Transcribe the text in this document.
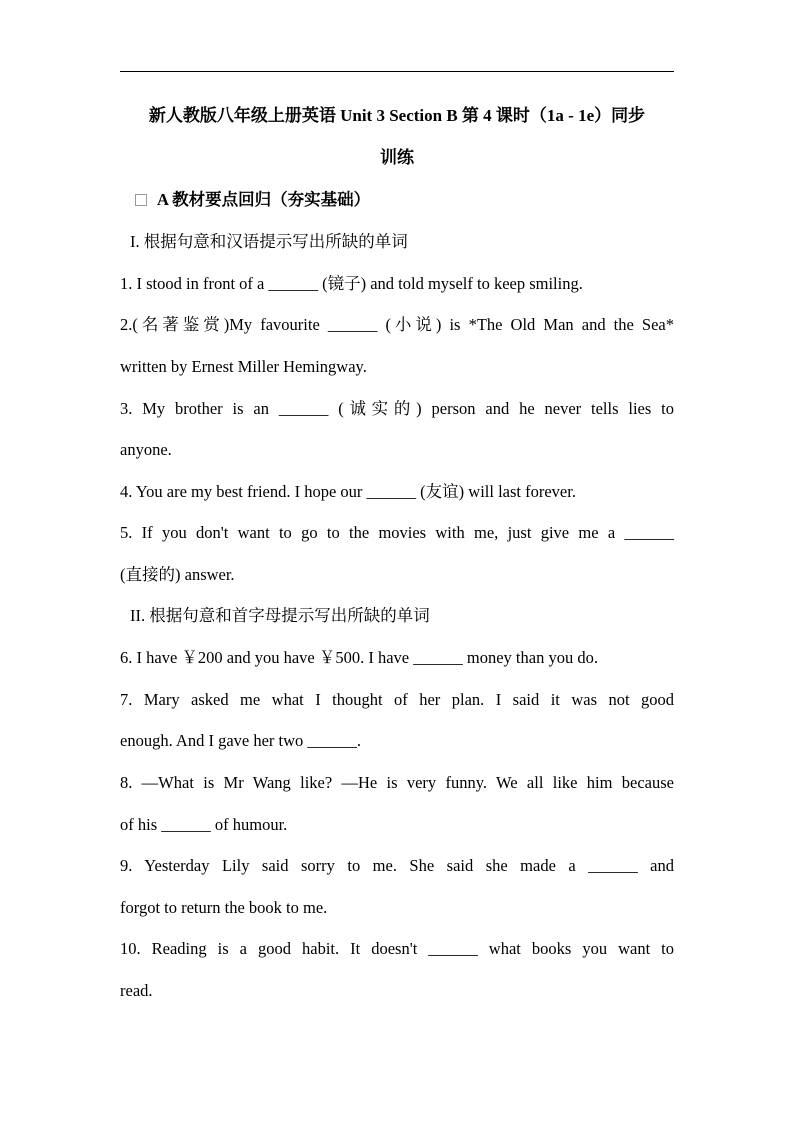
新人教版八年级上册英语 Unit 3 Section B 第 4 课时（1a - 1e）同步
训练
A 教材要点回归（夯实基础）
I. 根据句意和汉语提示写出所缺的单词
1. I stood in front of a ______ (镜子) and told myself to keep smiling.
2.(名著鉴赏)My favourite ______ (小说) is *The Old Man and the Sea*
written by Ernest Miller Hemingway.
3. My brother is an ______ (诚实的) person and he never tells lies to
anyone.
4. You are my best friend. I hope our ______ (友谊) will last forever.
5. If you don't want to go to the movies with me, just give me a ______
(直接的) answer.
II. 根据句意和首字母提示写出所缺的单词
6. I have ￥200 and you have ￥500. I have ______ money than you do.
7. Mary asked me what I thought of her plan. I said it was not good
enough. And I gave her two ______.
8. —What is Mr Wang like? —He is very funny. We all like him because
of his ______ of humour.
9. Yesterday Lily said sorry to me. She said she made a ______ and
forgot to return the book to me.
10. Reading is a good habit. It doesn't ______ what books you want to
read.
